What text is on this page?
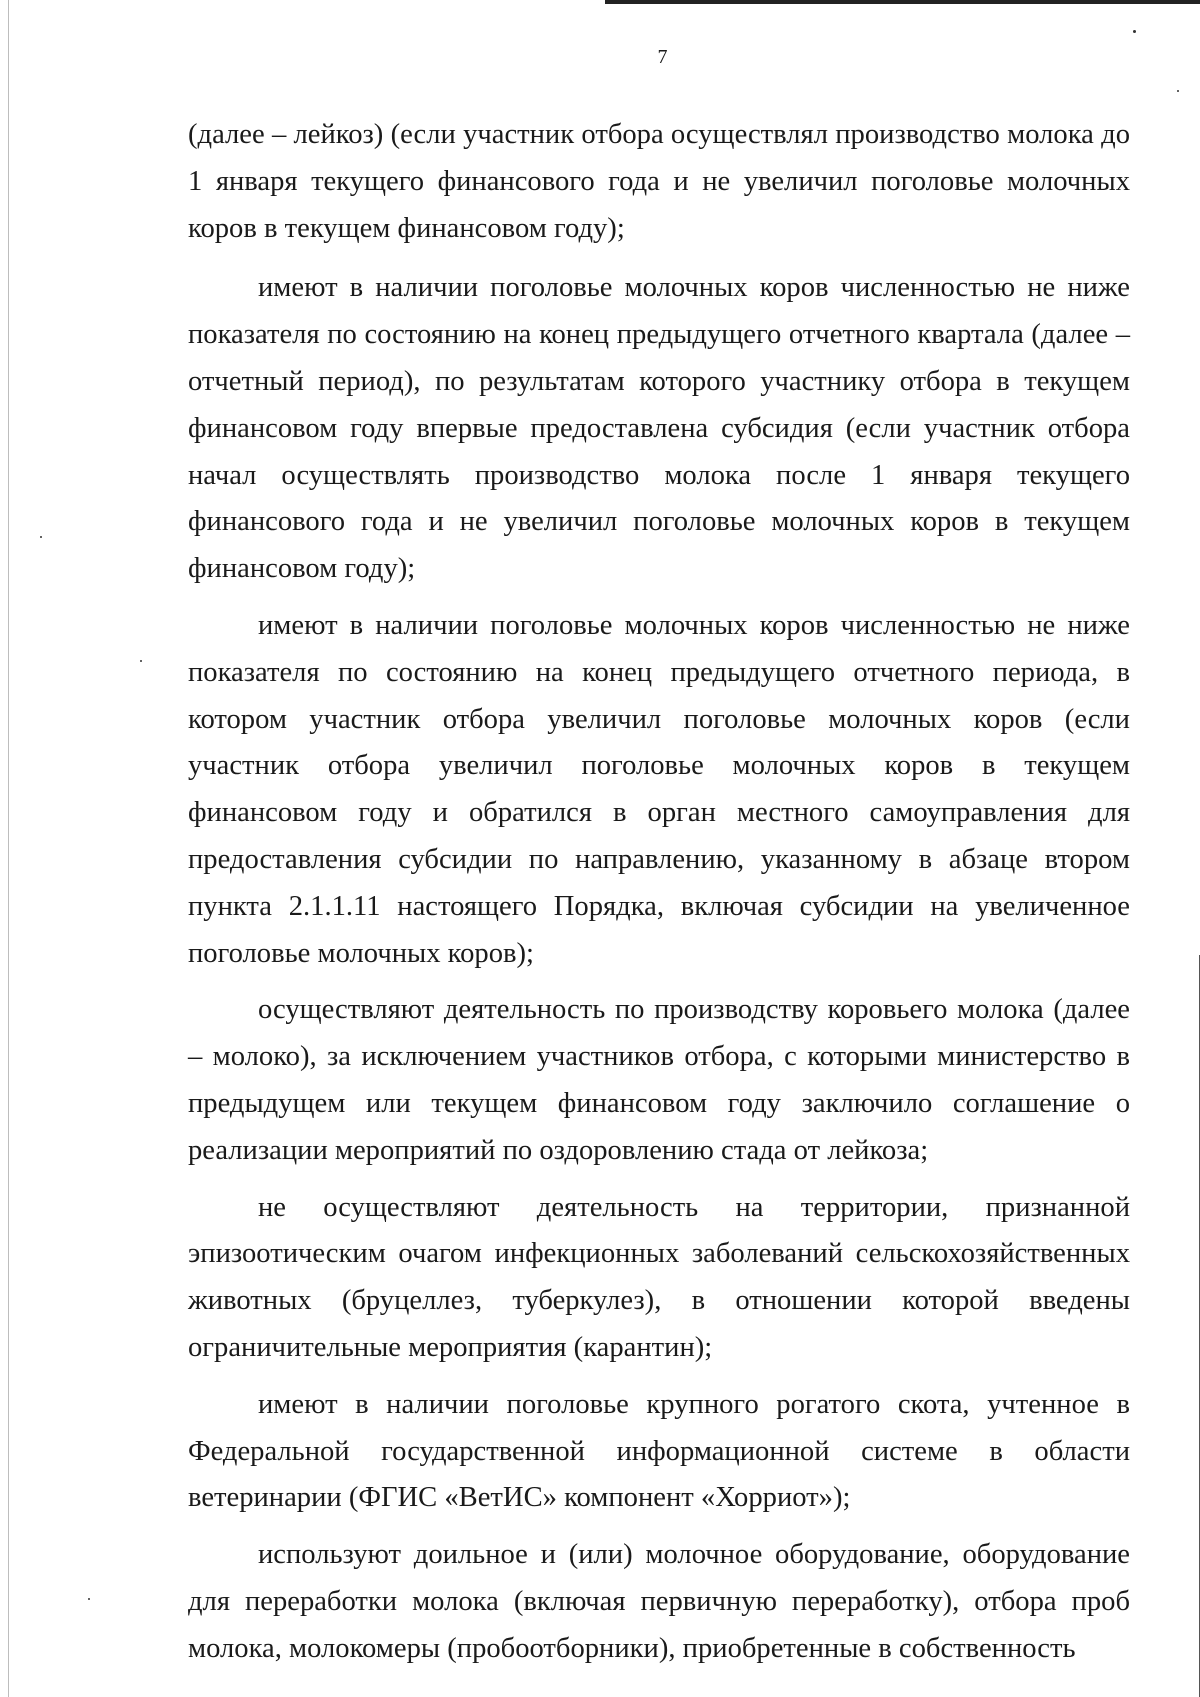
7

(далее – лейкоз) (если участник отбора осуществлял производство молока до 1 января текущего финансового года и не увеличил поголовье молочных коров в текущем финансовом году);

имеют в наличии поголовье молочных коров численностью не ниже показателя по состоянию на конец предыдущего отчетного квартала (далее – отчетный период), по результатам которого участнику отбора в текущем финансовом году впервые предоставлена субсидия (если участник отбора начал осуществлять производство молока после 1 января текущего финансового года и не увеличил поголовье молочных коров в текущем финансовом году);

имеют в наличии поголовье молочных коров численностью не ниже показателя по состоянию на конец предыдущего отчетного периода, в котором участник отбора увеличил поголовье молочных коров (если участник отбора увеличил поголовье молочных коров в текущем финансовом году и обратился в орган местного самоуправления для предоставления субсидии по направлению, указанному в абзаце втором пункта 2.1.1.11 настоящего Порядка, включая субсидии на увеличенное поголовье молочных коров);

осуществляют деятельность по производству коровьего молока (далее – молоко), за исключением участников отбора, с которыми министерство в предыдущем или текущем финансовом году заключило соглашение о реализации мероприятий по оздоровлению стада от лейкоза;

не осуществляют деятельность на территории, признанной эпизоотическим очагом инфекционных заболеваний сельскохозяйственных животных (бруцеллез, туберкулез), в отношении которой введены ограничительные мероприятия (карантин);

имеют в наличии поголовье крупного рогатого скота, учтенное в Федеральной государственной информационной системе в области ветеринарии (ФГИС «ВетИС» компонент «Хорриот»);

используют доильное и (или) молочное оборудование, оборудование для переработки молока (включая первичную переработку), отбора проб молока, молокомеры (пробоотборники), приобретенные в собственность
